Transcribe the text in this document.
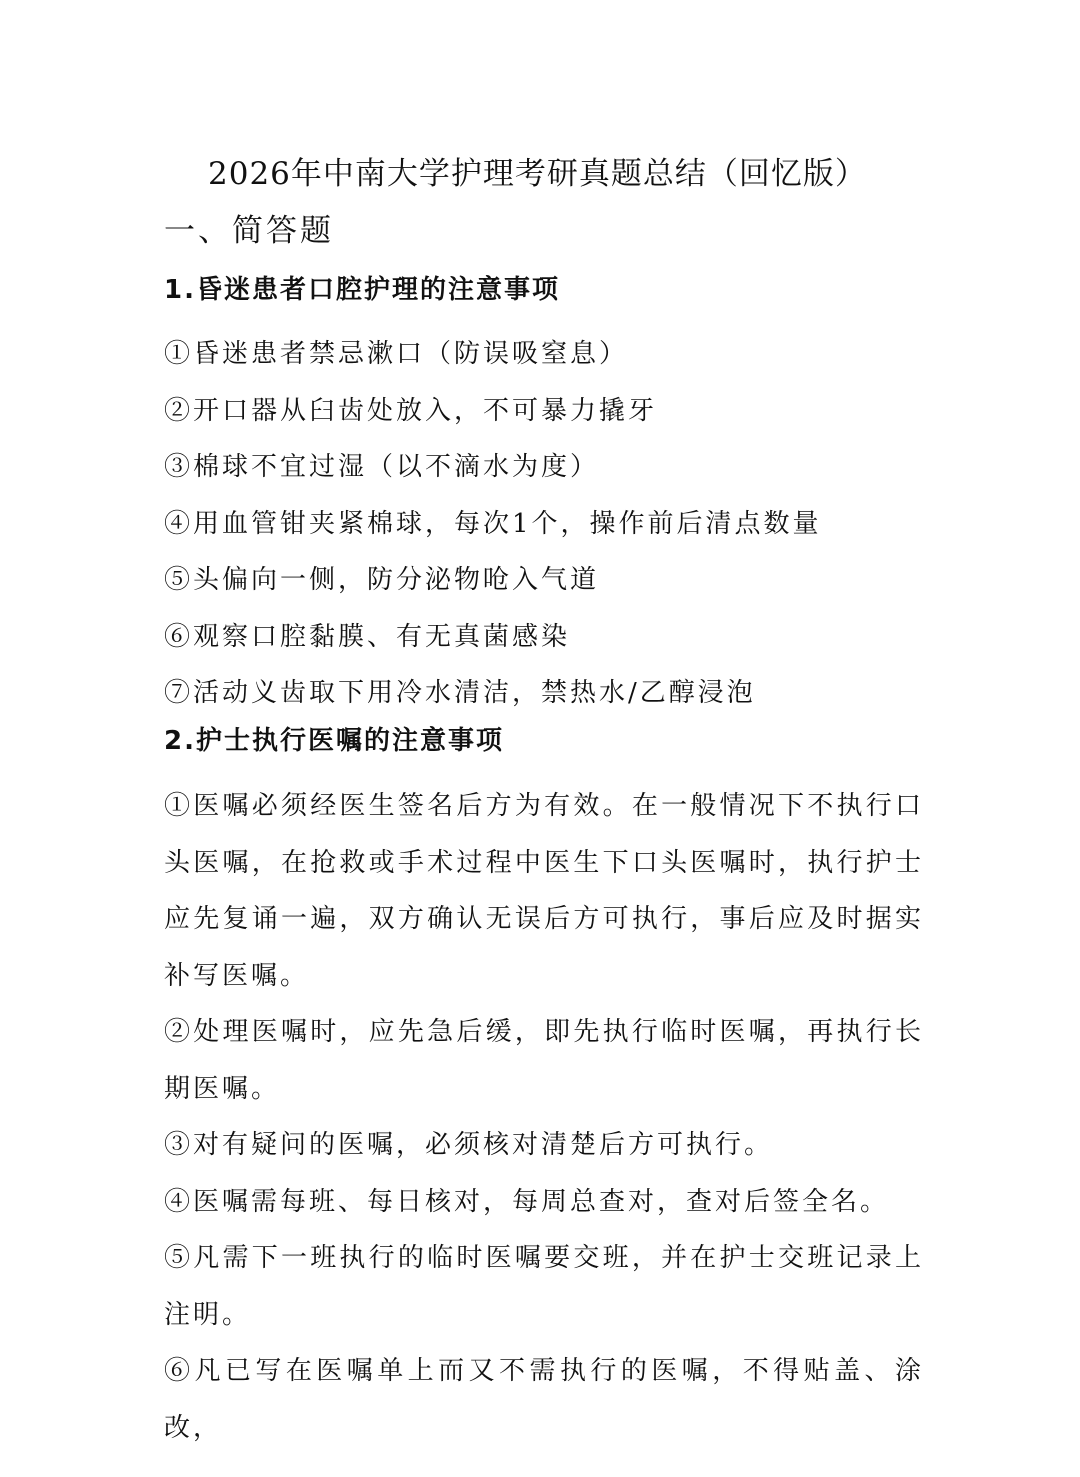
2026年中南大学护理考研真题总结（回忆版）
一、简答题
1.昏迷患者口腔护理的注意事项
①昏迷患者禁忌漱口（防误吸窒息）
②开口器从臼齿处放入，不可暴力撬牙
③棉球不宜过湿（以不滴水为度）
④用血管钳夹紧棉球，每次1个，操作前后清点数量
⑤头偏向一侧，防分泌物呛入气道
⑥观察口腔黏膜、有无真菌感染
⑦活动义齿取下用冷水清洁，禁热水/乙醇浸泡
2.护士执行医嘱的注意事项
①医嘱必须经医生签名后方为有效。在一般情况下不执行口头医嘱，在抢救或手术过程中医生下口头医嘱时，执行护士应先复诵一遍，双方确认无误后方可执行，事后应及时据实补写医嘱。
②处理医嘱时，应先急后缓，即先执行临时医嘱，再执行长期医嘱。
③对有疑问的医嘱，必须核对清楚后方可执行。
④医嘱需每班、每日核对，每周总查对，查对后签全名。
⑤凡需下一班执行的临时医嘱要交班，并在护士交班记录上注明。
⑥凡已写在医嘱单上而又不需执行的医嘱，不得贴盖、涂改，
